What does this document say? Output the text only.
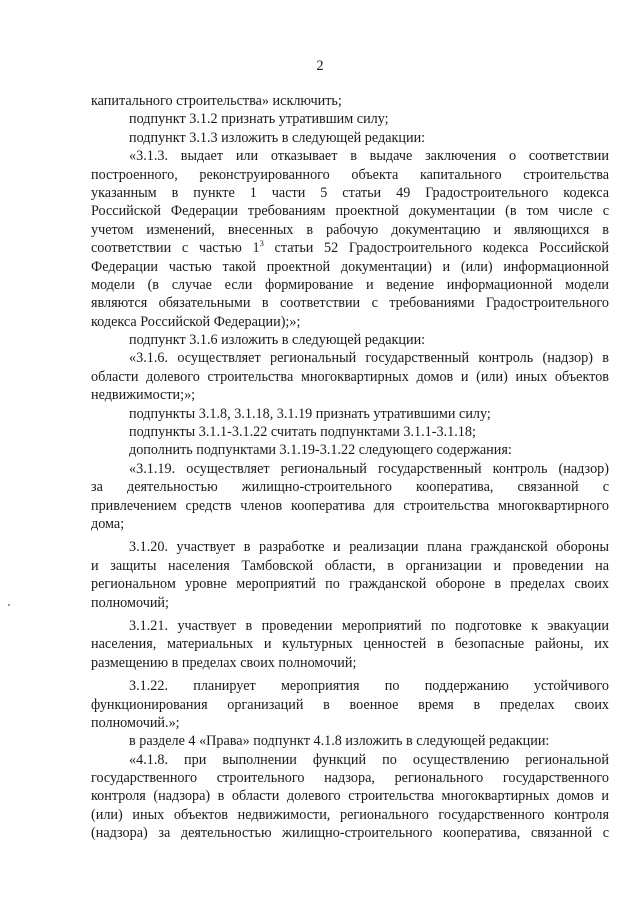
2
капитального строительства» исключить;
подпункт 3.1.2 признать утратившим силу;
подпункт 3.1.3 изложить в следующей редакции:
«3.1.3. выдает или отказывает в выдаче заключения о соответствии
построенного, реконструированного объекта капитального строительства
указанным в пункте 1 части 5 статьи 49 Градостроительного кодекса
Российской Федерации требованиям проектной документации (в том числе с
учетом изменений, внесенных в рабочую документацию и являющихся в
соответствии с частью $1^3$ статьи 52 Градостроительного кодекса Российской
Федерации частью такой проектной документации) и (или) информационной
модели (в случае если формирование и ведение информационной модели
являются обязательными в соответствии с требованиями Градостроительного
кодекса Российской Федерации);»;
подпункт 3.1.6 изложить в следующей редакции:
«3.1.6. осуществляет региональный государственный контроль (надзор) в
области долевого строительства многоквартирных домов и (или) иных объектов
недвижимости;»;
подпункты 3.1.8, 3.1.18, 3.1.19 признать утратившими силу;
подпункты 3.1.1-3.1.22 считать подпунктами 3.1.1-3.1.18;
дополнить подпунктами 3.1.19-3.1.22 следующего содержания:
«3.1.19. осуществляет региональный государственный контроль (надзор)
за деятельностью жилищно-строительного кооператива, связанной с
привлечением средств членов кооператива для строительства многоквартирного
дома;
3.1.20. участвует в разработке и реализации плана гражданской обороны
и защиты населения Тамбовской области, в организации и проведении на
региональном уровне мероприятий по гражданской обороне в пределах своих
полномочий;
3.1.21. участвует в проведении мероприятий по подготовке к эвакуации
населения, материальных и культурных ценностей в безопасные районы, их
размещению в пределах своих полномочий;
3.1.22. планирует мероприятия по поддержанию устойчивого
функционирования организаций в военное время в пределах своих
полномочий.»;
в разделе 4 «Права» подпункт 4.1.8 изложить в следующей редакции:
«4.1.8. при выполнении функций по осуществлению региональной
государственного строительного надзора, регионального государственного
контроля (надзора) в области долевого строительства многоквартирных домов и
(или) иных объектов недвижимости, регионального государственного контроля
(надзора) за деятельностью жилищно-строительного кооператива, связанной с
